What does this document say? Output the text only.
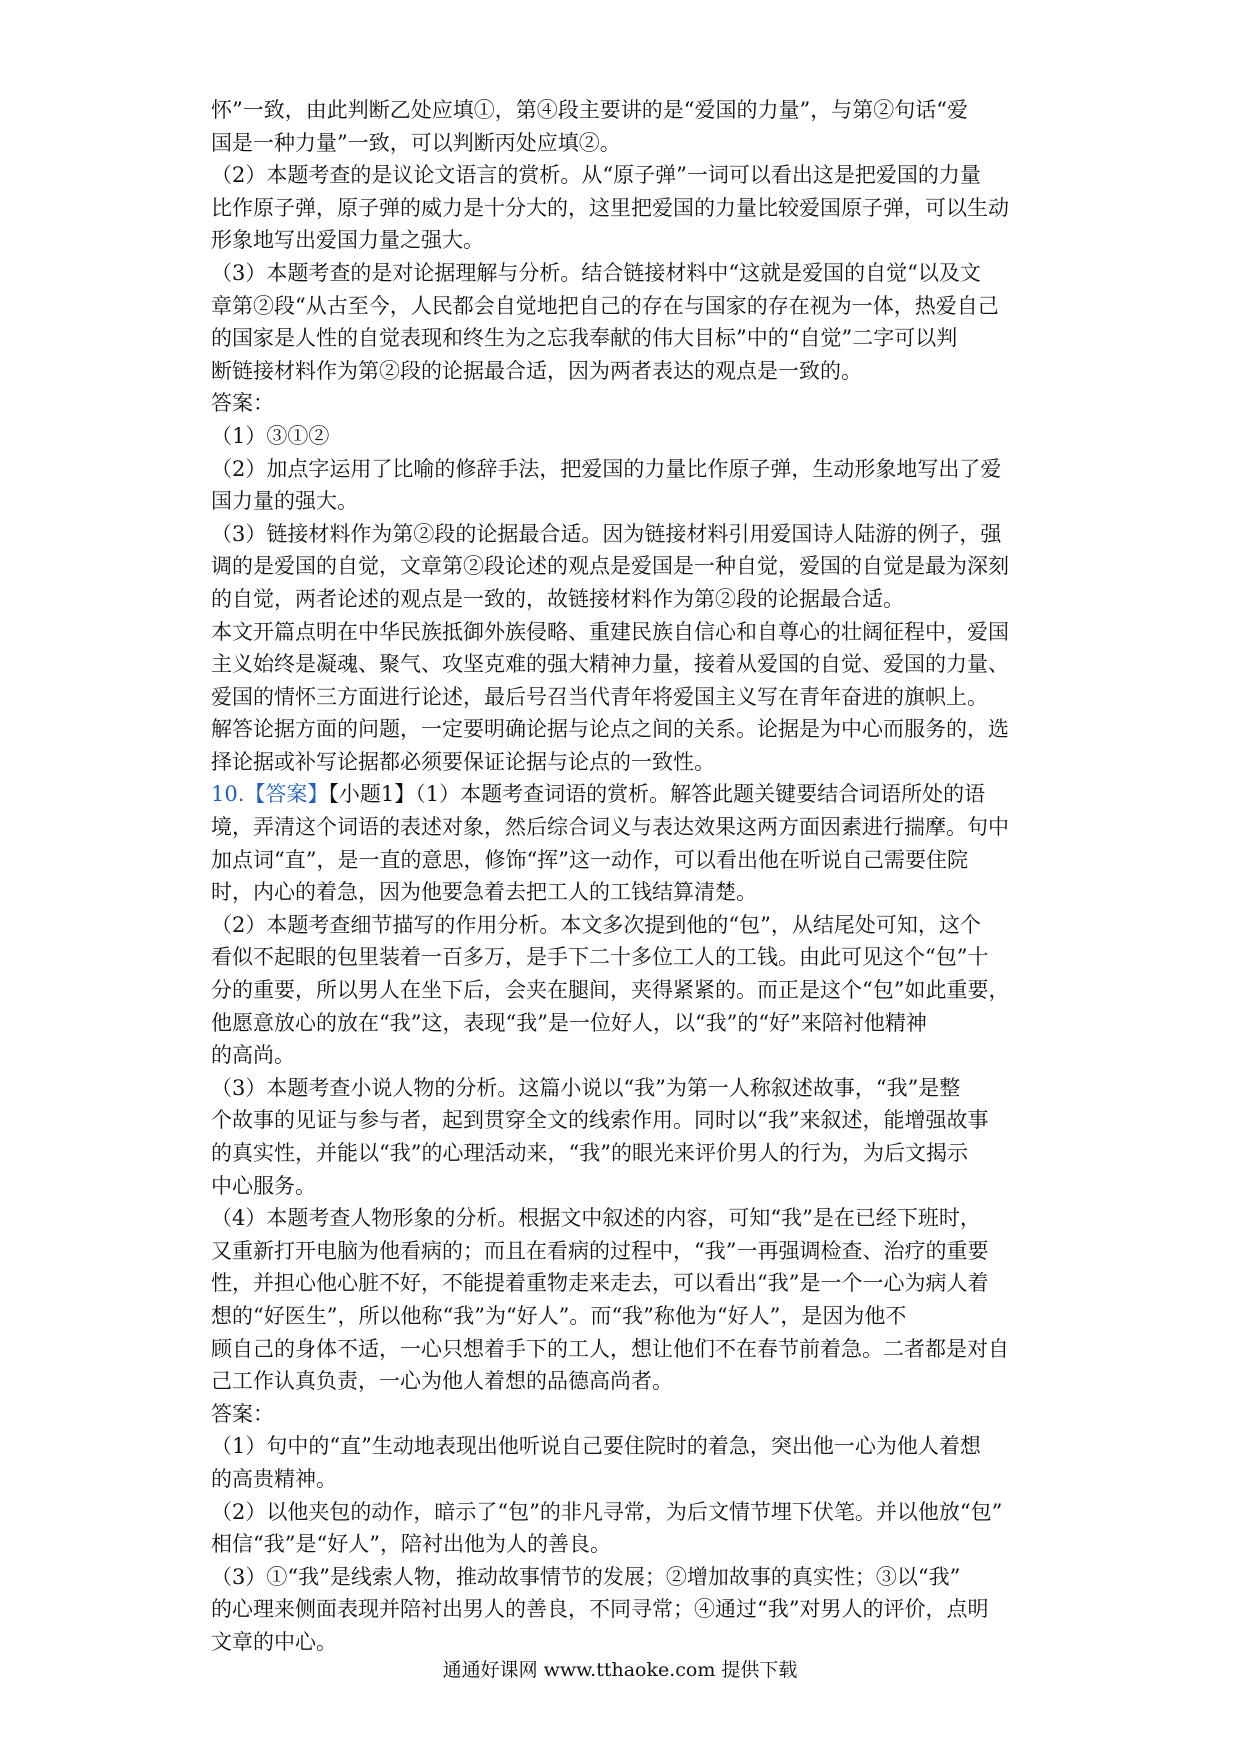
怀”一致，由此判断乙处应填①，第④段主要讲的是“爱国的力量”，与第②句话“爱
国是一种力量”一致，可以判断丙处应填②。
（2）本题考查的是议论文语言的赏析。从“原子弹”一词可以看出这是把爱国的力量
比作原子弹，原子弹的威力是十分大的，这里把爱国的力量比较爱国原子弹，可以生动
形象地写出爱国力量之强大。
（3）本题考查的是对论据理解与分析。结合链接材料中“这就是爱国的自觉“以及文
章第②段“从古至今，人民都会自觉地把自己的存在与国家的存在视为一体，热爱自己
的国家是人性的自觉表现和终生为之忘我奉献的伟大目标”中的“自觉”二字可以判
断链接材料作为第②段的论据最合适，因为两者表达的观点是一致的。
答案：
（1）③①②
（2）加点字运用了比喻的修辞手法，把爱国的力量比作原子弹，生动形象地写出了爱
国力量的强大。
（3）链接材料作为第②段的论据最合适。因为链接材料引用爱国诗人陆游的例子，强
调的是爱国的自觉，文章第②段论述的观点是爱国是一种自觉，爱国的自觉是最为深刻
的自觉，两者论述的观点是一致的，故链接材料作为第②段的论据最合适。
本文开篇点明在中华民族抵御外族侵略、重建民族自信心和自尊心的壮阔征程中，爱国
主义始终是凝魂、聚气、攻坚克难的强大精神力量，接着从爱国的自觉、爱国的力量、
爱国的情怀三方面进行论述，最后号召当代青年将爱国主义写在青年奋进的旗帜上。
解答论据方面的问题，一定要明确论据与论点之间的关系。论据是为中心而服务的，选
择论据或补写论据都必须要保证论据与论点的一致性。
10.【答案】【小题1】（1）本题考查词语的赏析。解答此题关键要结合词语所处的语
境，弄清这个词语的表述对象，然后综合词义与表达效果这两方面因素进行揣摩。句中
加点词“直”，是一直的意思，修饰“挥”这一动作，可以看出他在听说自己需要住院
时，内心的着急，因为他要急着去把工人的工钱结算清楚。
（2）本题考查细节描写的作用分析。本文多次提到他的“包”，从结尾处可知，这个
看似不起眼的包里装着一百多万，是手下二十多位工人的工钱。由此可见这个“包”十
分的重要，所以男人在坐下后，会夹在腿间，夹得紧紧的。而正是这个“包”如此重要，
他愿意放心的放在“我”这，表现“我”是一位好人，以“我”的“好”来陪衬他精神
的高尚。
（3）本题考查小说人物的分析。这篇小说以“我”为第一人称叙述故事，“我”是整
个故事的见证与参与者，起到贯穿全文的线索作用。同时以“我”来叙述，能增强故事
的真实性，并能以“我”的心理活动来，“我”的眼光来评价男人的行为，为后文揭示
中心服务。
（4）本题考查人物形象的分析。根据文中叙述的内容，可知“我”是在已经下班时，
又重新打开电脑为他看病的；而且在看病的过程中，“我”一再强调检查、治疗的重要
性，并担心他心脏不好，不能提着重物走来走去，可以看出“我”是一个一心为病人着
想的“好医生”，所以他称“我”为“好人”。而“我”称他为“好人”，是因为他不
顾自己的身体不适，一心只想着手下的工人，想让他们不在春节前着急。二者都是对自
己工作认真负责，一心为他人着想的品德高尚者。
答案：
（1）句中的“直”生动地表现出他听说自己要住院时的着急，突出他一心为他人着想
的高贵精神。
（2）以他夹包的动作，暗示了“包”的非凡寻常，为后文情节埋下伏笔。并以他放“包”
相信“我”是“好人”，陪衬出他为人的善良。
（3）①“我”是线索人物，推动故事情节的发展；②增加故事的真实性；③以“我”
的心理来侧面表现并陪衬出男人的善良，不同寻常；④通过“我”对男人的评价，点明
文章的中心。
通通好课网 www.tthaoke.com 提供下载
